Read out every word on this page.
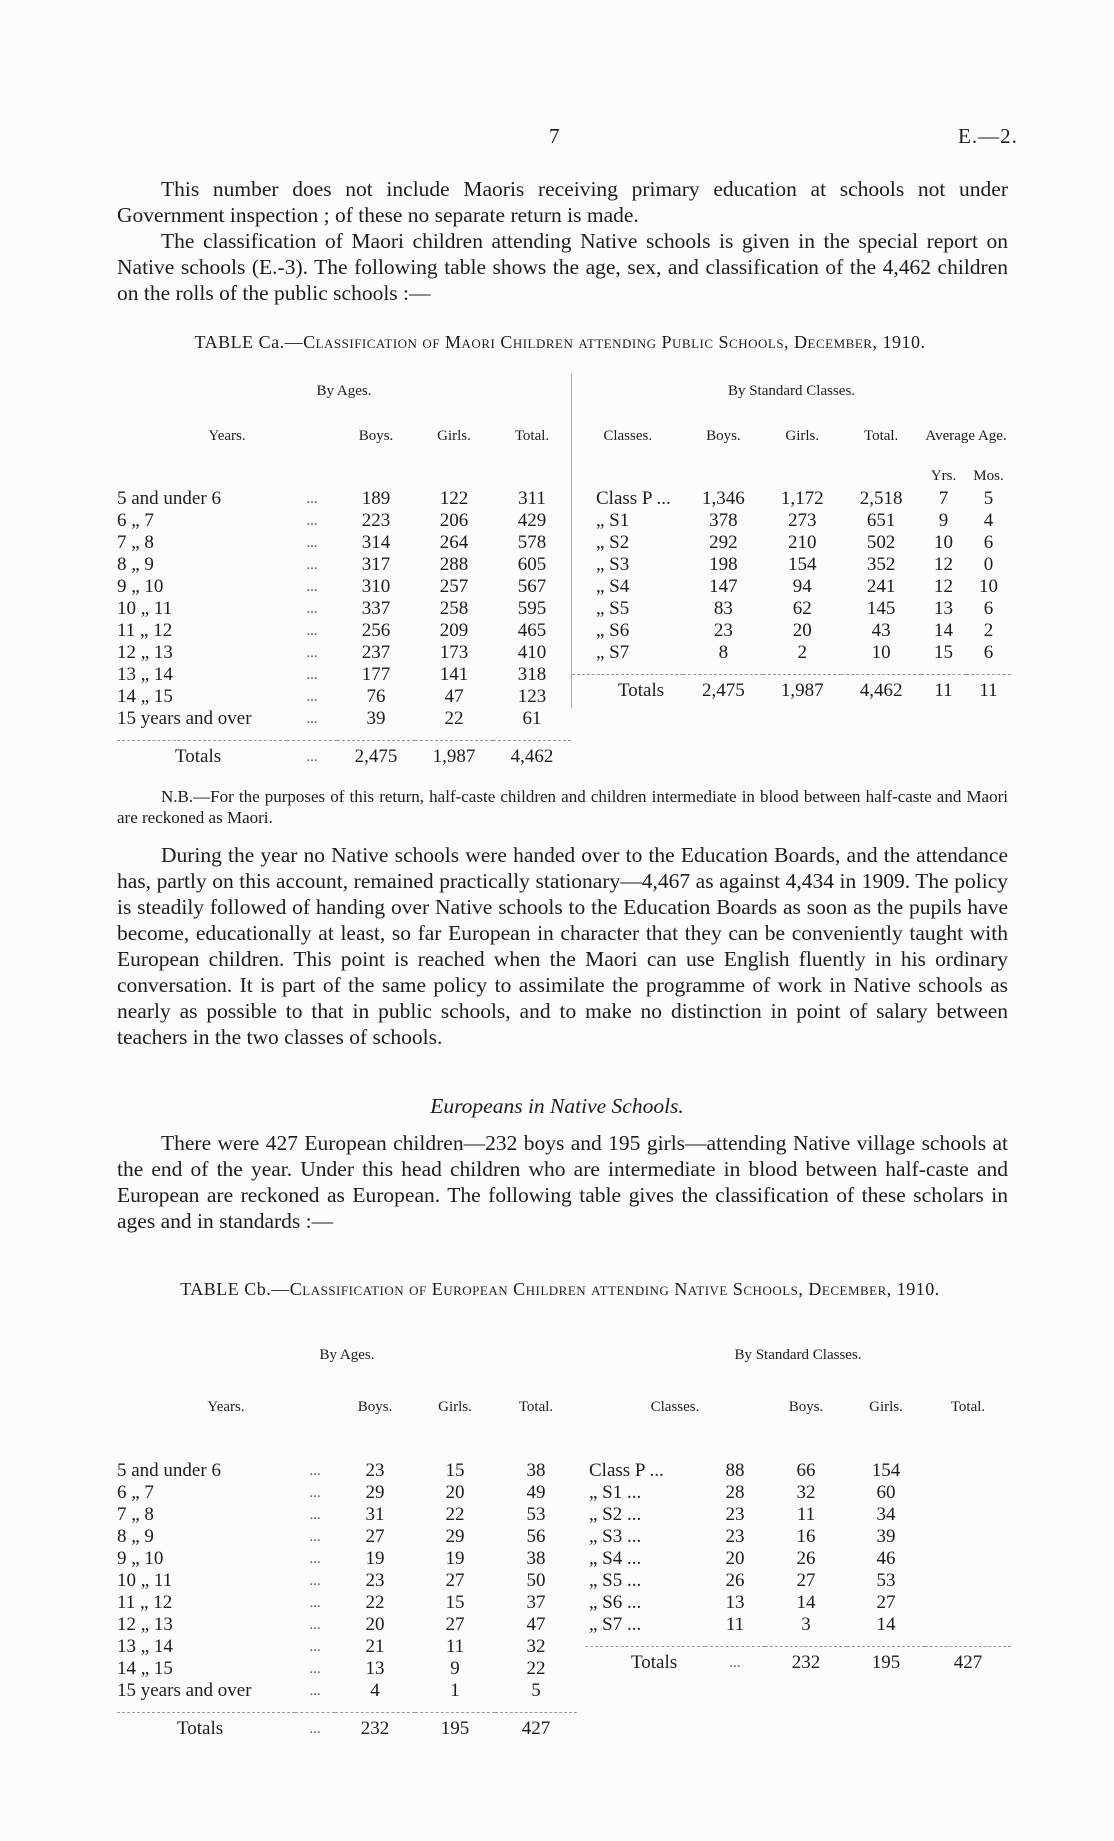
7	E.—2.

This number does not include Maoris receiving primary education at schools not under Government inspection ; of these no separate return is made.

The classification of Maori children attending Native schools is given in the special report on Native schools (E.-3). The following table shows the age, sex, and classification of the 4,462 children on the rolls of the public schools :—

TABLE Ca.—Classification of Maori Children attending Public Schools, December, 1910.

By Ages.				
Years.		Boys.	Girls.	Total.

5 and under 6	...	189	122	311
6 „ 7	...	223	206	429
7 „ 8	...	314	264	578
8 „ 9	...	317	288	605
9 „ 10	...	310	257	567
10 „ 11	...	337	258	595
11 „ 12	...	256	209	465
12 „ 13	...	237	173	410
13 „ 14	...	177	141	318
14 „ 15	...	76	47	123
15 years and over	...	39	22	61

Totals	...	2,475	1,987	4,462
By Standard Classes.					
Classes.	Boys.	Girls.	Total.	Average Age.	
				Yrs.	Mos.
Class P ...	1,346	1,172	2,518	7	5
„ S1	378	273	651	9	4
„ S2	292	210	502	10	6
„ S3	198	154	352	12	0
„ S4	147	94	241	12	10
„ S5	83	62	145	13	6
„ S6	23	20	43	14	2
„ S7	8	2	10	15	6

Totals	2,475	1,987	4,462	11	11

N.B.—For the purposes of this return, half-caste children and children intermediate in blood between half-caste and Maori are reckoned as Maori.

During the year no Native schools were handed over to the Education Boards, and the attendance has, partly on this account, remained practically stationary—4,467 as against 4,434 in 1909. The policy is steadily followed of handing over Native schools to the Education Boards as soon as the pupils have become, educationally at least, so far European in character that they can be conveniently taught with European children. This point is reached when the Maori can use English fluently in his ordinary conversation. It is part of the same policy to assimilate the programme of work in Native schools as nearly as possible to that in public schools, and to make no distinction in point of salary between teachers in the two classes of schools.

Europeans in Native Schools.

There were 427 European children—232 boys and 195 girls—attending Native village schools at the end of the year. Under this head children who are intermediate in blood between half-caste and European are reckoned as European. The following table gives the classification of these scholars in ages and in standards :—

TABLE Cb.—Classification of European Children attending Native Schools, December, 1910.

By Ages.				
Years.		Boys.	Girls.	Total.

5 and under 6	...	23	15	38
6 „ 7	...	29	20	49
7 „ 8	...	31	22	53
8 „ 9	...	27	29	56
9 „ 10	...	19	19	38
10 „ 11	...	23	27	50
11 „ 12	...	22	15	37
12 „ 13	...	20	27	47
13 „ 14	...	21	11	32
14 „ 15	...	13	9	22
15 years and over	...	4	1	5

Totals	...	232	195	427
By Standard Classes.				
Classes.		Boys.	Girls.	Total.

Class P ...	88	66	154	
„ S1 ...	28	32	60	
„ S2 ...	23	11	34	
„ S3 ...	23	16	39	
„ S4 ...	20	26	46	
„ S5 ...	26	27	53	
„ S6 ...	13	14	27	
„ S7 ...	11	3	14	

Totals	...	232	195	427
